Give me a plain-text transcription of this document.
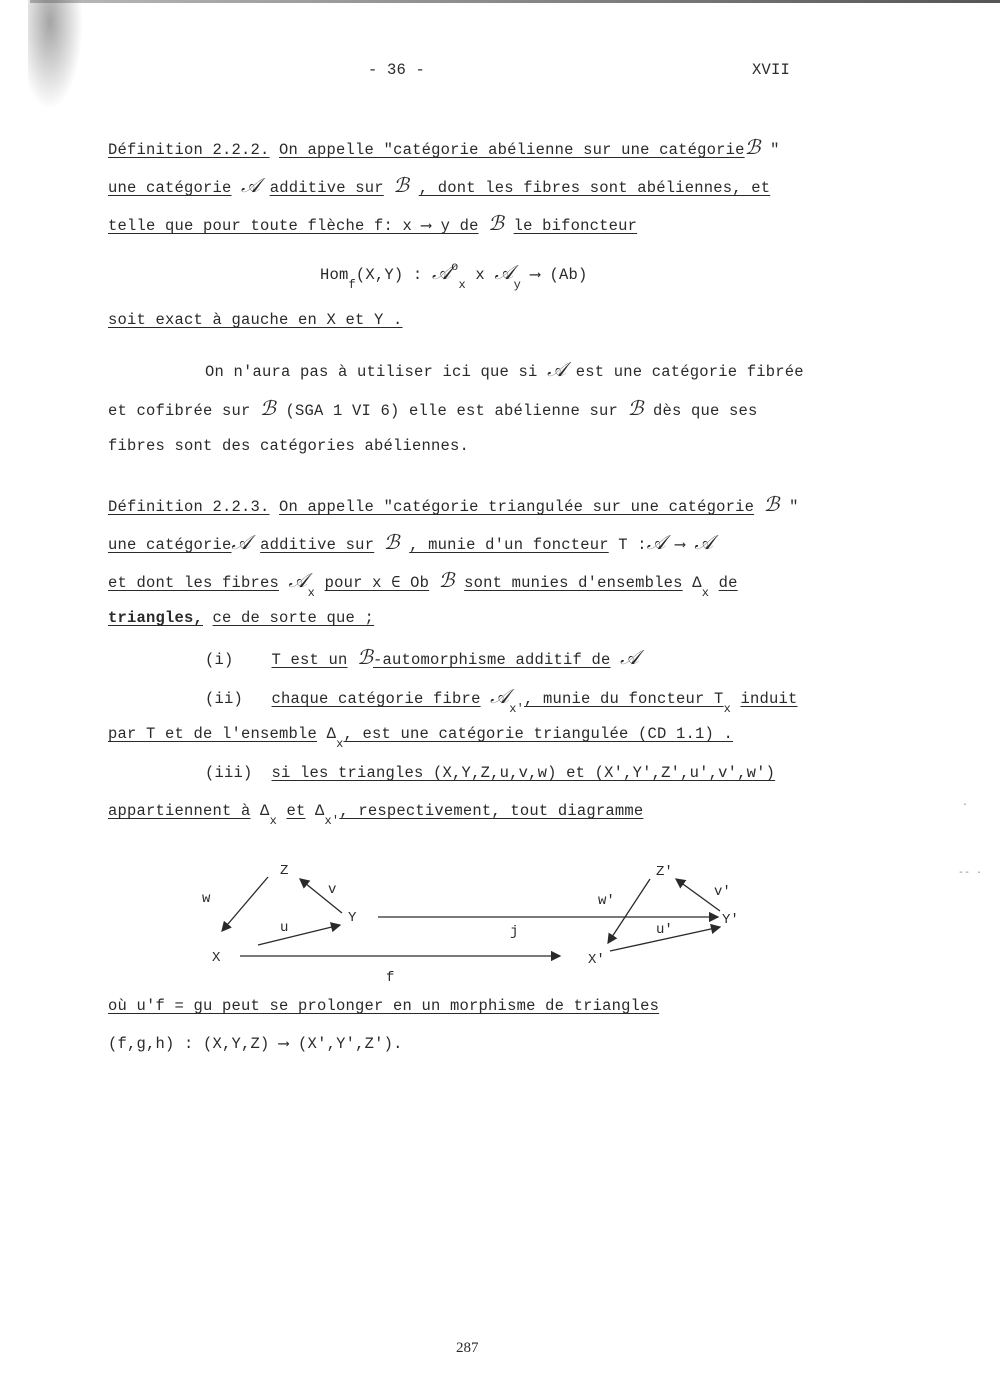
- 36 -	XVII
Définition 2.2.2. On appelle "catégorie abélienne sur une catégorieℬ "
une catégorie 𝒜 additive sur ℬ , dont les fibres sont abéliennes, et
telle que pour toute flèche f: x ⟶ y de ℬ le bifoncteur
Hom$_f$(X,Y) : 𝒜$^o_x$ x 𝒜$_y$ ⟶ (Ab)
soit exact à gauche en X et Y .
On n'aura pas à utiliser ici que si 𝒜 est une catégorie fibrée
et cofibrée sur ℬ (SGA 1 VI 6) elle est abélienne sur ℬ dès que ses
fibres sont des catégories abéliennes.
Définition 2.2.3. On appelle "catégorie triangulée sur une catégorie ℬ "
une catégorie𝒜 additive sur ℬ , munie d'un foncteur T :𝒜 ⟶ 𝒜
et dont les fibres 𝒜$_x$ pour x ∈ Ob ℬ sont munies d'ensembles $\Delta_x$ de
triangles, ce de sorte que ;
(i) T est un ℬ-automorphisme additif de 𝒜
(ii) chaque catégorie fibre 𝒜$_{x'}$, munie du foncteur $T_x$ induit
par T et de l'ensemble $\Delta_x$, est une catégorie triangulée (CD 1.1) .
(iii) si les triangles (X,Y,Z,u,v,w) et (X',Y',Z',u',v',w')
appartiennent à $\Delta_x$ et $\Delta_{x'}$, respectivement, tout diagramme
Z
Y
X
w
v
u
Z'
Y'
X'
w'
v'
u'
j
f
où u'f = gu peut se prolonger en un morphisme de triangles
(f,g,h) : (X,Y,Z) ⟶ (X',Y',Z').
·
-- ·
287
